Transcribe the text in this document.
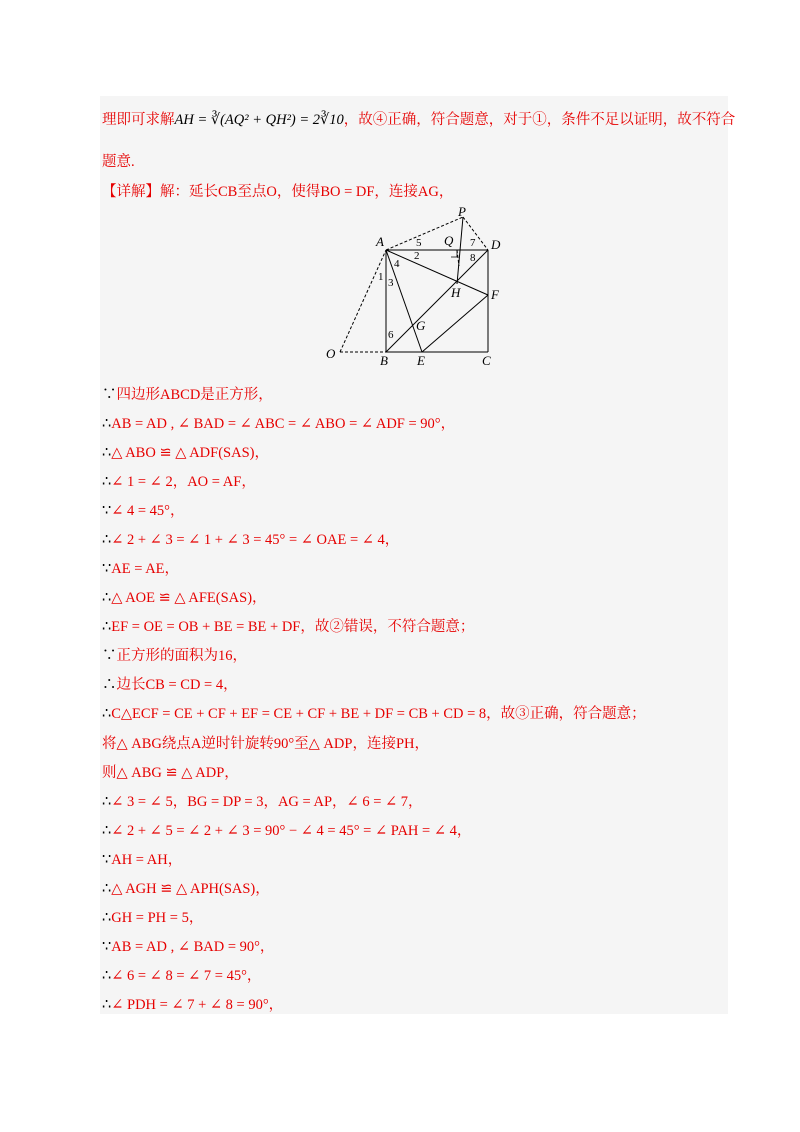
理即可求解AH = ∛(AQ² + QH²) = 2∛10，故④正确，符合题意，对于①，条件不足以证明，故不符合
题意.
【详解】解：延长CB至点O，使得BO = DF，连接AG，
P
A	Q	D
H F
G
O	B E	C
1
2
3
4
5
6
7
8
∵四边形ABCD是正方形，
∴AB = AD , ∠ BAD = ∠ ABC = ∠ ABO = ∠ ADF = 90°，
∴△ ABO ≌ △ ADF(SAS)，
∴∠ 1 = ∠ 2，AO = AF，
∵∠ 4 = 45°，
∴∠ 2 + ∠ 3 = ∠ 1 + ∠ 3 = 45° = ∠ OAE = ∠ 4，
∵AE = AE，
∴△ AOE ≌ △ AFE(SAS)，
∴EF = OE = OB + BE = BE + DF，故②错误，不符合题意；
∵正方形的面积为16，
∴边长CB = CD = 4，
∴C△ECF = CE + CF + EF = CE + CF + BE + DF = CB + CD = 8，故③正确，符合题意；
将△ ABG绕点A逆时针旋转90°至△ ADP，连接PH，
则△ ABG ≌ △ ADP，
∴∠ 3 = ∠ 5，BG = DP = 3，AG = AP，∠ 6 = ∠ 7，
∴∠ 2 + ∠ 5 = ∠ 2 + ∠ 3 = 90° − ∠ 4 = 45° = ∠ PAH = ∠ 4，
∵AH = AH，
∴△ AGH ≌ △ APH(SAS)，
∴GH = PH = 5，
∵AB = AD , ∠ BAD = 90°，
∴∠ 6 = ∠ 8 = ∠ 7 = 45°，
∴∠ PDH = ∠ 7 + ∠ 8 = 90°，
